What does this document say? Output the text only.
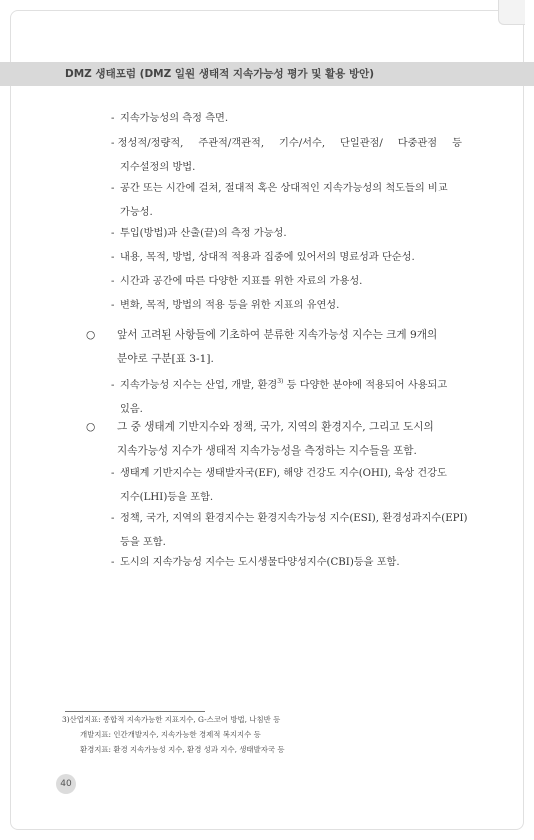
DMZ 생태포럼 (DMZ 일원 생태적 지속가능성 평가 및 활용 방안)
-지속가능성의 측정 측면.
- 정성적/정량적, 주관적/객관적, 기수/서수, 단일관점/ 다중관점 등
지수설정의 방법.
-공간 또는 시간에 걸쳐, 절대적 혹은 상대적인 지속가능성의 척도들의 비교
가능성.
-투입(방법)과 산출(끝)의 측정 가능성.
-내용, 목적, 방법, 상대적 적용과 집중에 있어서의 명료성과 단순성.
-시간과 공간에 따른 다양한 지표를 위한 자료의 가용성.
-변화, 목적, 방법의 적용 등을 위한 지표의 유연성.
○ 앞서 고려된 사항들에 기초하여 분류한 지속가능성 지수는 크게 9개의
분야로 구분[표 3-1].
-지속가능성 지수는 산업, 개발, 환경$^{3)}$ 등 다양한 분야에 적용되어 사용되고
있음.
○ 그 중 생태계 기반지수와 정책, 국가, 지역의 환경지수, 그리고 도시의
지속가능성 지수가 생태적 지속가능성을 측정하는 지수들을 포함.
-생태계 기반지수는 생태발자국(EF), 해양 건강도 지수(OHI), 육상 건강도
지수(LHI)등을 포함.
-정책, 국가, 지역의 환경지수는 환경지속가능성 지수(ESI), 환경성과지수(EPI)
등을 포함.
-도시의 지속가능성 지수는 도시생물다양성지수(CBI)등을 포함.
3)산업지표: 종합적 지속가능한 지표지수, G-스코어 방법, 나침반 등
개발지표: 인간개발지수, 지속가능한 경제적 복지지수 등
환경지표: 환경 지속가능성 지수, 환경 성과 지수, 생태발자국 등
40
